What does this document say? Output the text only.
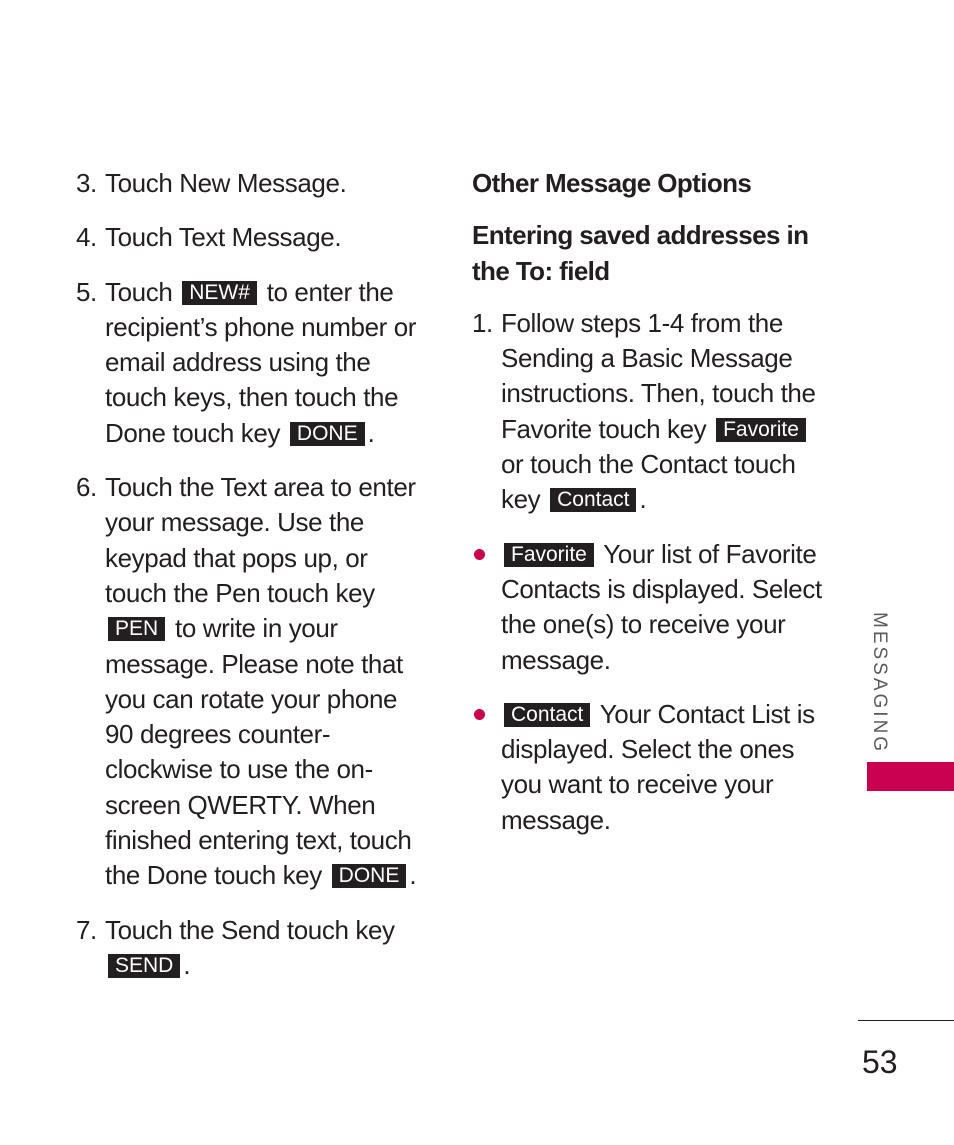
3. Touch New Message.
4. Touch Text Message.
5. Touch NEW# to enter the recipient’s phone number or email address using the touch keys, then touch the Done touch key DONE .
6. Touch the Text area to enter your message. Use the keypad that pops up, or touch the Pen touch key PEN to write in your message. Please note that you can rotate your phone 90 degrees counter-clockwise to use the on-screen QWERTY. When finished entering text, touch the Done touch key DONE .
7. Touch the Send touch key SEND .
Other Message Options
Entering saved addresses in the To: field
1. Follow steps 1-4 from the Sending a Basic Message instructions. Then, touch the Favorite touch key Favorite or touch the Contact touch key Contact .
Favorite Your list of Favorite Contacts is displayed. Select the one(s) to receive your message.
Contact Your Contact List is displayed. Select the ones you want to receive your message.
MESSAGING
53
